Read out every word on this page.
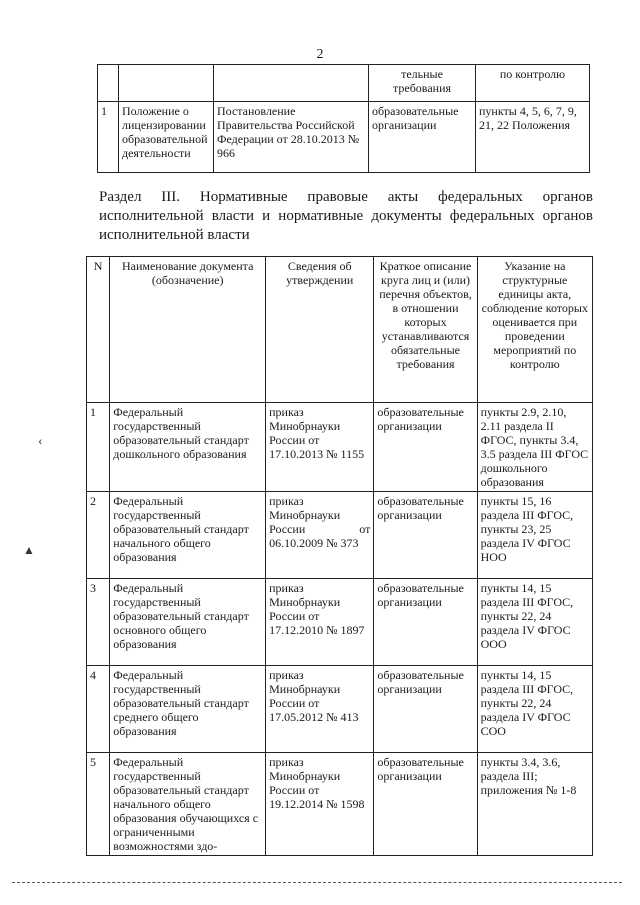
2
			тельные требования	по контролю
1	Положение о лицензировании образовательной деятельности	Постановление Правительства Российской Федерации от 28.10.2013 № 966	образовательные организации	пункты 4, 5, 6, 7, 9, 21, 22 Положения
Раздел III. Нормативные правовые акты федеральных органов исполнительной власти и нормативные документы федеральных органов исполнительной власти
N	Наименование документа (обозначение)	Сведения об утверждении	Краткое описание круга лиц и (или) перечня объектов, в отношении которых устанавливаются обязательные требования	Указание на структурные единицы акта, соблюдение которых оценивается при проведении мероприятий по контролю
1	Федеральный государственный образовательный стандарт дошкольного образования	приказ Минобрнауки России от 17.10.2013 № 1155	образовательные организации	пункты 2.9, 2.10, 2.11 раздела II ФГОС, пункты 3.4, 3.5 раздела III ФГОС дошкольного образования
2	Федеральный государственный образовательный стандарт начального общего образования	приказ Минобрнауки России от 06.10.2009 № 373	образовательные организации	пункты 15, 16 раздела III ФГОС, пункты 23, 25 раздела IV ФГОС НОО
3	Федеральный государственный образовательный стандарт основного общего образования	приказ Минобрнауки России от 17.12.2010 № 1897	образовательные организации	пункты 14, 15 раздела III ФГОС, пункты 22, 24 раздела IV ФГОС ООО
4	Федеральный государственный образовательный стандарт среднего общего образования	приказ Минобрнауки России от 17.05.2012 № 413	образовательные организации	пункты 14, 15 раздела III ФГОС, пункты 22, 24 раздела IV ФГОС СОО
5	Федеральный государственный образовательный стандарт начального общего образования обучающихся с ограниченными возможностями здо-	приказ Минобрнауки России от 19.12.2014 № 1598	образовательные организации	пункты 3.4, 3.6, раздела III; приложения № 1-8
‹
▲
